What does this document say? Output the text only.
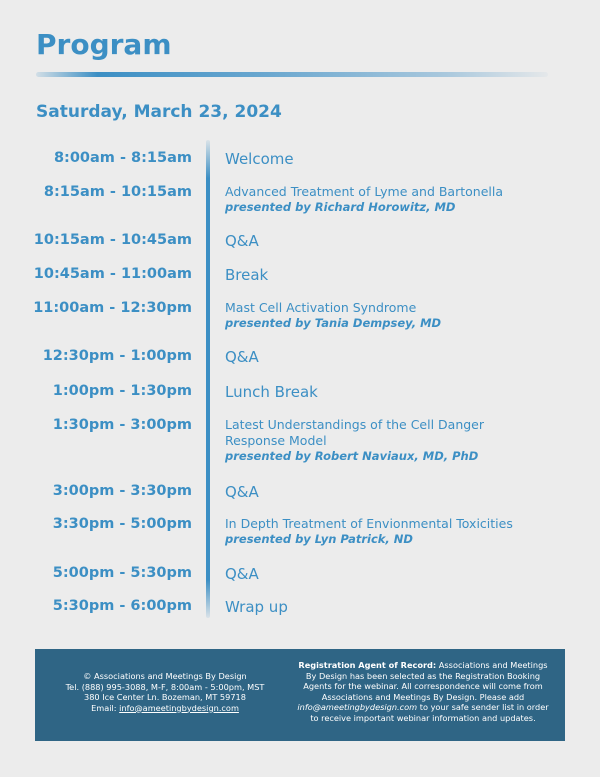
Program
Saturday, March 23, 2024
8:00am - 8:15am Welcome
8:15am - 10:15am	Advanced Treatment of Lyme and Bartonella
presented by Richard Horowitz, MD
10:15am - 10:45am Q&A
10:45am - 11:00am Break
11:00am - 12:30pm	Mast Cell Activation Syndrome
presented by Tania Dempsey, MD
12:30pm - 1:00pm Q&A
1:00pm - 1:30pm Lunch Break
1:30pm - 3:00pm	Latest Understandings of the Cell Danger Response Model
presented by Robert Naviaux, MD, PhD
3:00pm - 3:30pm Q&A
3:30pm - 5:00pm	In Depth Treatment of Envionmental Toxicities
presented by Lyn Patrick, ND
5:00pm - 5:30pm Q&A
5:30pm - 6:00pm Wrap up
© Associations and Meetings By Design
Tel. (888) 995-3088, M-F, 8:00am - 5:00pm, MST
380 Ice Center Ln. Bozeman, MT 59718
Email: info@ameetingbydesign.com
Registration Agent of Record: Associations and Meetings By Design has been selected as the Registration Booking Agents for the webinar. All correspondence will come from Associations and Meetings By Design. Please add info@ameetingbydesign.com to your safe sender list in order to receive important webinar information and updates.
